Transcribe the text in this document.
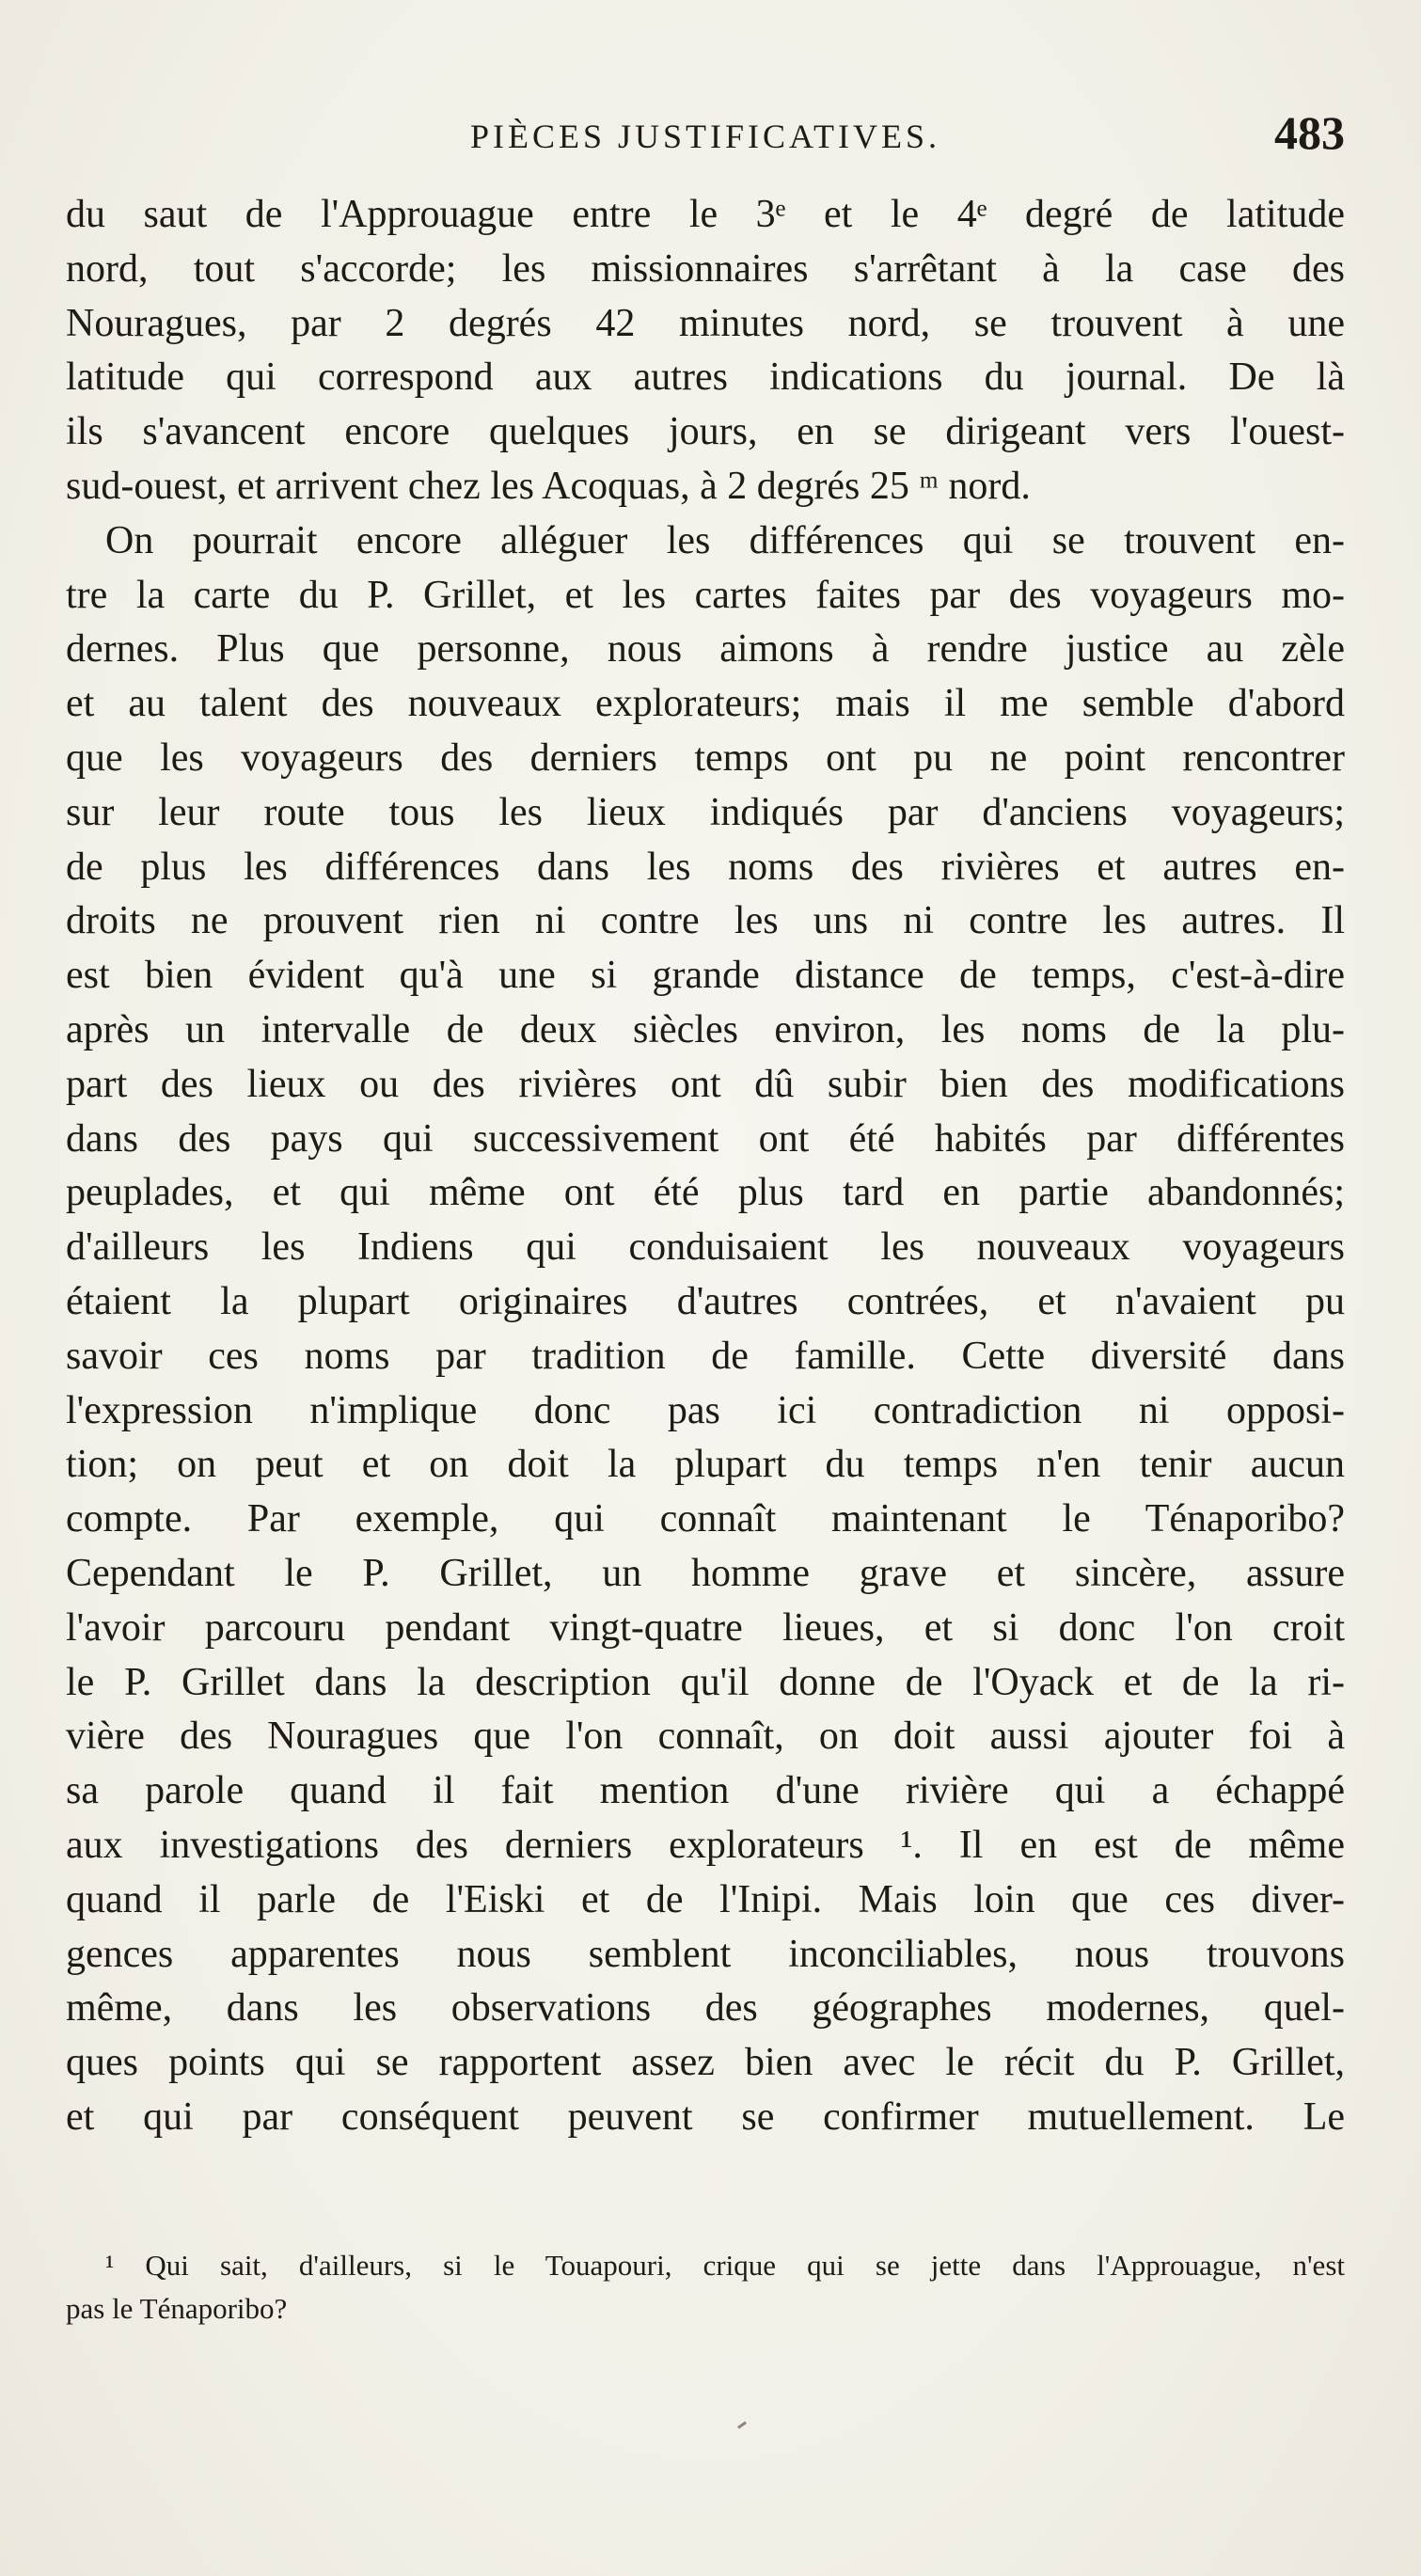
PIÈCES JUSTIFICATIVES.	483
du saut de l'Approuague entre le 3ᵉ et le 4ᵉ degré de latitude
nord, tout s'accorde; les missionnaires s'arrêtant à la case des
Nouragues, par 2 degrés 42 minutes nord, se trouvent à une
latitude qui correspond aux autres indications du journal. De là
ils s'avancent encore quelques jours, en se dirigeant vers l'ouest-
sud-ouest, et arrivent chez les Acoquas, à 2 degrés 25 ᵐ nord.
On pourrait encore alléguer les différences qui se trouvent en-
tre la carte du P. Grillet, et les cartes faites par des voyageurs mo-
dernes. Plus que personne, nous aimons à rendre justice au zèle
et au talent des nouveaux explorateurs; mais il me semble d'abord
que les voyageurs des derniers temps ont pu ne point rencontrer
sur leur route tous les lieux indiqués par d'anciens voyageurs;
de plus les différences dans les noms des rivières et autres en-
droits ne prouvent rien ni contre les uns ni contre les autres. Il
est bien évident qu'à une si grande distance de temps, c'est-à-dire
après un intervalle de deux siècles environ, les noms de la plu-
part des lieux ou des rivières ont dû subir bien des modifications
dans des pays qui successivement ont été habités par différentes
peuplades, et qui même ont été plus tard en partie abandonnés;
d'ailleurs les Indiens qui conduisaient les nouveaux voyageurs
étaient la plupart originaires d'autres contrées, et n'avaient pu
savoir ces noms par tradition de famille. Cette diversité dans
l'expression n'implique donc pas ici contradiction ni opposi-
tion; on peut et on doit la plupart du temps n'en tenir aucun
compte. Par exemple, qui connaît maintenant le Ténaporibo?
Cependant le P. Grillet, un homme grave et sincère, assure
l'avoir parcouru pendant vingt-quatre lieues, et si donc l'on croit
le P. Grillet dans la description qu'il donne de l'Oyack et de la ri-
vière des Nouragues que l'on connaît, on doit aussi ajouter foi à
sa parole quand il fait mention d'une rivière qui a échappé
aux investigations des derniers explorateurs ¹. Il en est de même
quand il parle de l'Eiski et de l'Inipi. Mais loin que ces diver-
gences apparentes nous semblent inconciliables, nous trouvons
même, dans les observations des géographes modernes, quel-
ques points qui se rapportent assez bien avec le récit du P. Grillet,
et qui par conséquent peuvent se confirmer mutuellement. Le
¹ Qui sait, d'ailleurs, si le Touapouri, crique qui se jette dans l'Approuague, n'est
pas le Ténaporibo?
